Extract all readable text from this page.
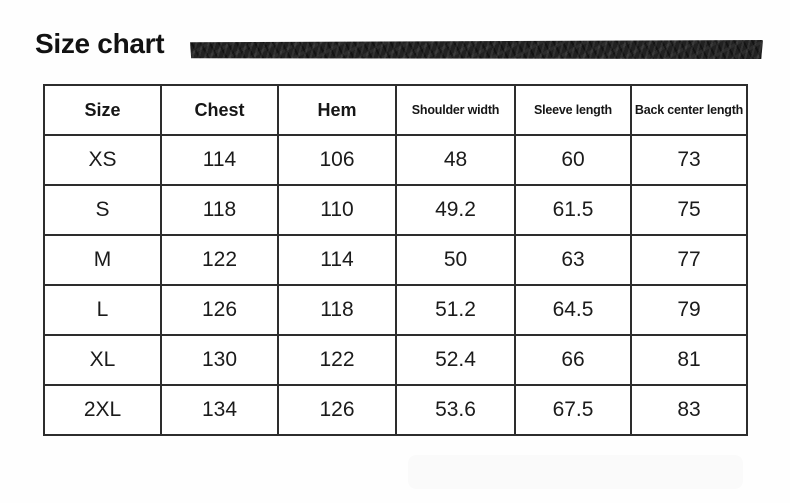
Size chart
Size	Chest	Hem	Shoulder width	Sleeve length	Back center length
XS	114	106	48	60	73
S	118	110	49.2	61.5	75
M	122	114	50	63	77
L	126	118	51.2	64.5	79
XL	130	122	52.4	66	81
2XL	134	126	53.6	67.5	83
